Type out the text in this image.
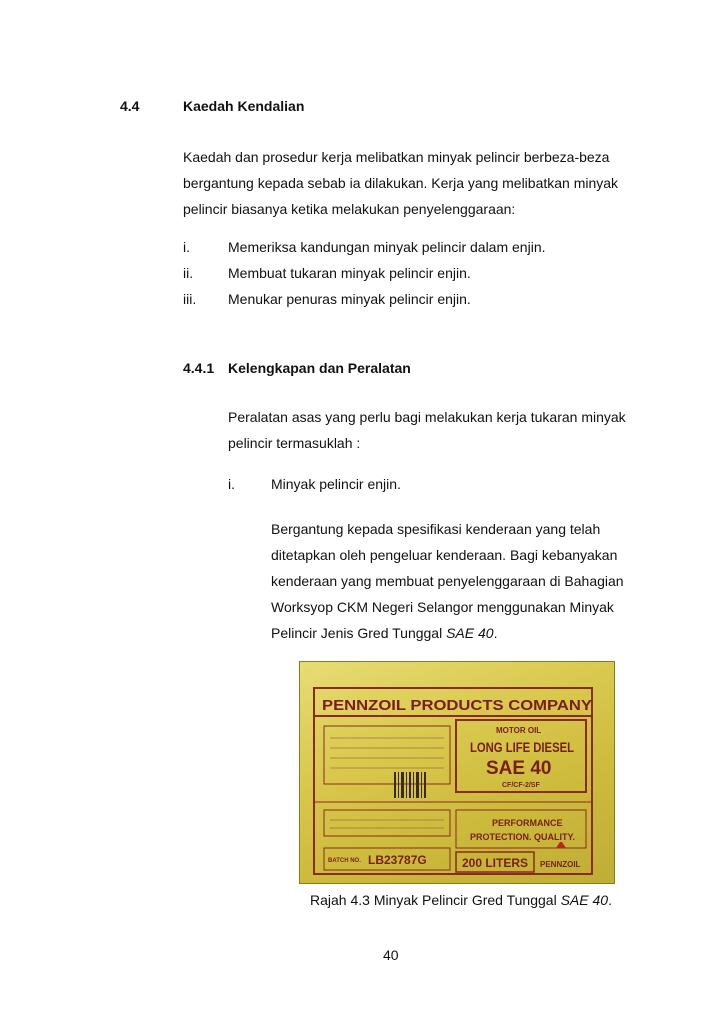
4.4	Kaedah Kendalian
Kaedah dan prosedur kerja melibatkan minyak pelincir berbeza-beza
bergantung kepada sebab ia dilakukan. Kerja yang melibatkan minyak
pelincir biasanya ketika melakukan penyelenggaraan:
i.	Memeriksa kandungan minyak pelincir dalam enjin.
ii. Membuat tukaran minyak pelincir enjin.
iii. Menukar penuras minyak pelincir enjin.
4.4.1 Kelengkapan dan Peralatan
Peralatan asas yang perlu bagi melakukan kerja tukaran minyak
pelincir termasuklah :
i.	Minyak pelincir enjin.
Bergantung kepada spesifikasi kenderaan yang telah
ditetapkan oleh pengeluar kenderaan. Bagi kebanyakan
kenderaan yang membuat penyelenggaraan di Bahagian
Worksyop CKM Negeri Selangor menggunakan Minyak
Pelincir Jenis Gred Tunggal SAE 40.
PENNZOIL PRODUCTS COMPANY
MOTOR OIL
LONG LIFE DIESEL
SAE 40
CF/CF-2/SF
PERFORMANCE
PROTECTION. QUALITY.
BATCH NO. LB23787G	200 LITERS PENNZOIL
Rajah 4.3 Minyak Pelincir Gred Tunggal SAE 40.
40
